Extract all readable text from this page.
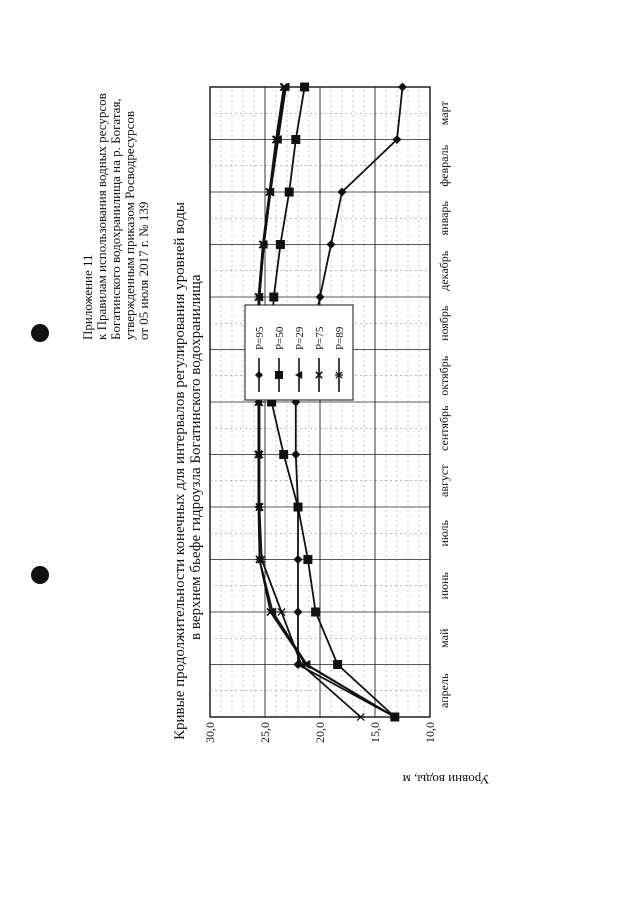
Приложение 11 к Правилам использования водных ресурсов Богатинского водохранилища на р. Богатая, утвержденным приказом Росводресурсов от 05 июля 2017 г. № 139 Кривые продолжительности конечных для интервалов регулирования уровней воды в верхнем бьефе гидроузла Богатинского водохранилища
10,0
15,0
20,0
25,0
30,0
апрель
май
июнь
июль
август
сентябрь
октябрь
ноябрь
декабрь
январь
февраль
март
Уровни воды, м
P=95 P=50 P=29 P=75 P=89
